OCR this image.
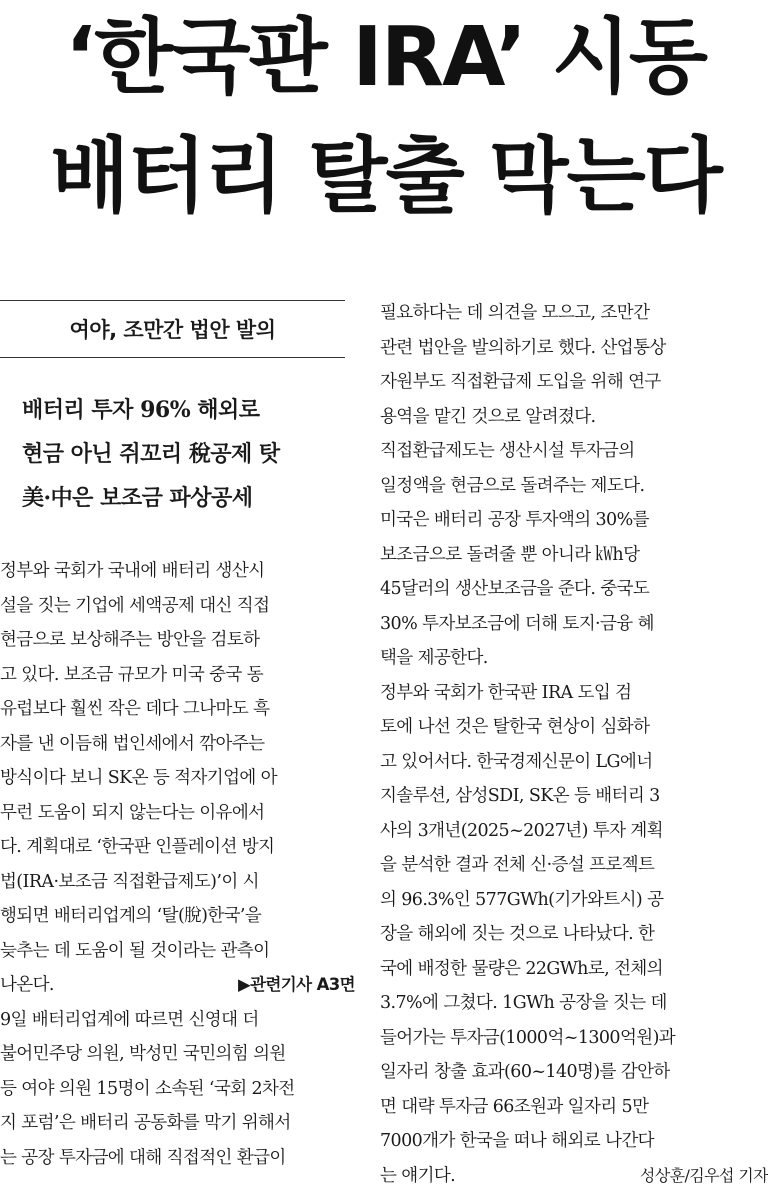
‘한국판 IRA’ 시동
배터리 탈출 막는다
여야, 조만간 법안 발의
배터리 투자 96% 해외로
현금 아닌 쥐꼬리 稅공제 탓
美·中은 보조금 파상공세
정부와 국회가 국내에 배터리 생산시
설을 짓는 기업에 세액공제 대신 직접
현금으로 보상해주는 방안을 검토하
고 있다. 보조금 규모가 미국 중국 동
유럽보다 훨씬 작은 데다 그나마도 흑
자를 낸 이듬해 법인세에서 깎아주는
방식이다 보니 SK온 등 적자기업에 아
무런 도움이 되지 않는다는 이유에서
다. 계획대로 ‘한국판 인플레이션 방지
법(IRA·보조금 직접환급제도)’이 시
행되면 배터리업계의 ‘탈(脫)한국’을
늦추는 데 도움이 될 것이라는 관측이
나온다.	▶관련기사 A3면
9일 배터리업계에 따르면 신영대 더
불어민주당 의원, 박성민 국민의힘 의원
등 여야 의원 15명이 소속된 ‘국회 2차전
지 포럼’은 배터리 공동화를 막기 위해서
는 공장 투자금에 대해 직접적인 환급이
필요하다는 데 의견을 모으고, 조만간
관련 법안을 발의하기로 했다. 산업통상
자원부도 직접환급제 도입을 위해 연구
용역을 맡긴 것으로 알려졌다.
직접환급제도는 생산시설 투자금의
일정액을 현금으로 돌려주는 제도다.
미국은 배터리 공장 투자액의 30%를
보조금으로 돌려줄 뿐 아니라 ㎾h당
45달러의 생산보조금을 준다. 중국도
30% 투자보조금에 더해 토지·금융 혜
택을 제공한다.
정부와 국회가 한국판 IRA 도입 검
토에 나선 것은 탈한국 현상이 심화하
고 있어서다. 한국경제신문이 LG에너
지솔루션, 삼성SDI, SK온 등 배터리 3
사의 3개년(2025~2027년) 투자 계획
을 분석한 결과 전체 신·증설 프로젝트
의 96.3%인 577GWh(기가와트시) 공
장을 해외에 짓는 것으로 나타났다. 한
국에 배정한 물량은 22GWh로, 전체의
3.7%에 그쳤다. 1GWh 공장을 짓는 데
들어가는 투자금(1000억~1300억원)과
일자리 창출 효과(60~140명)를 감안하
면 대략 투자금 66조원과 일자리 5만
7000개가 한국을 떠나 해외로 나간다
는 얘기다.	성상훈/김우섭 기자
